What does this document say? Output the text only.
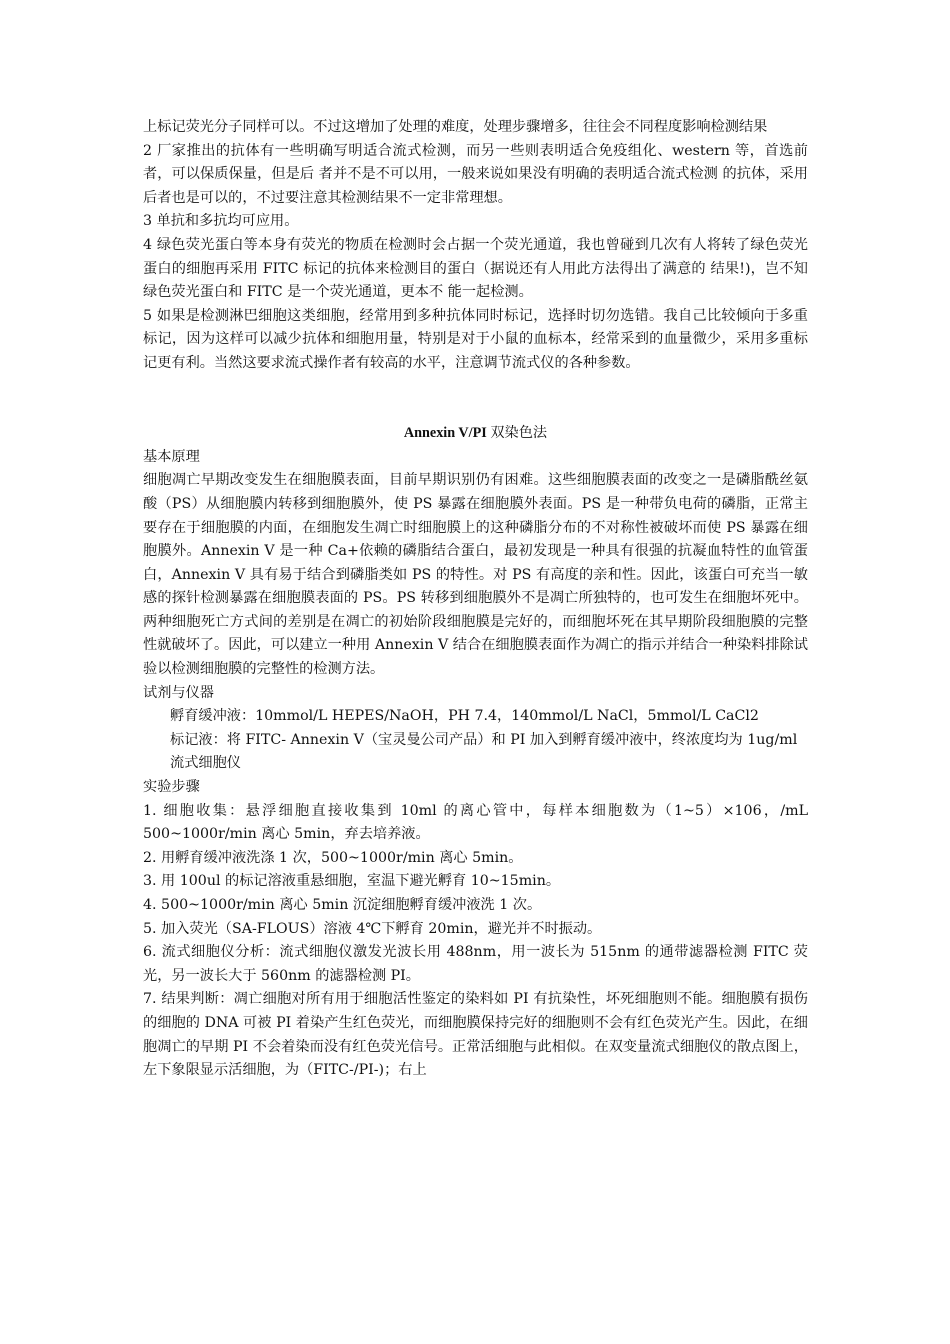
上标记荧光分子同样可以。不过这增加了处理的难度，处理步骤增多，往往会不同程度影响检测结果

2 厂家推出的抗体有一些明确写明适合流式检测，而另一些则表明适合免疫组化、western 等，首选前者，可以保质保量，但是后 者并不是不可以用，一般来说如果没有明确的表明适合流式检测 的抗体，采用后者也是可以的，不过要注意其检测结果不一定非常理想。

3 单抗和多抗均可应用。

4 绿色荧光蛋白等本身有荧光的物质在检测时会占据一个荧光通道，我也曾碰到几次有人将转了绿色荧光蛋白的细胞再采用 FITC 标记的抗体来检测目的蛋白（据说还有人用此方法得出了满意的 结果!)，岂不知绿色荧光蛋白和 FITC 是一个荧光通道，更本不 能一起检测。

5 如果是检测淋巴细胞这类细胞，经常用到多种抗体同时标记，选择时切勿选错。我自己比较倾向于多重标记，因为这样可以减少抗体和细胞用量，特别是对于小鼠的血标本，经常采到的血量微少，采用多重标记更有利。当然这要求流式操作者有较高的水平，注意调节流式仪的各种参数。

Annexin V/PI 双染色法

基本原理

细胞凋亡早期改变发生在细胞膜表面，目前早期识别仍有困难。这些细胞膜表面的改变之一是磷脂酰丝氨酸（PS）从细胞膜内转移到细胞膜外，使 PS 暴露在细胞膜外表面。PS 是一种带负电荷的磷脂，正常主要存在于细胞膜的内面，在细胞发生凋亡时细胞膜上的这种磷脂分布的不对称性被破坏而使 PS 暴露在细胞膜外。Annexin V 是一种 Ca+依赖的磷脂结合蛋白，最初发现是一种具有很强的抗凝血特性的血管蛋白，Annexin V 具有易于结合到磷脂类如 PS 的特性。对 PS 有高度的亲和性。因此，该蛋白可充当一敏感的探针检测暴露在细胞膜表面的 PS。PS 转移到细胞膜外不是凋亡所独特的，也可发生在细胞坏死中。两种细胞死亡方式间的差别是在凋亡的初始阶段细胞膜是完好的，而细胞坏死在其早期阶段细胞膜的完整性就破坏了。因此，可以建立一种用 Annexin V 结合在细胞膜表面作为凋亡的指示并结合一种染料排除试验以检测细胞膜的完整性的检测方法。

试剂与仪器

孵育缓冲液：10mmol/L HEPES/NaOH，PH 7.4，140mmol/L NaCl，5mmol/L CaCl2

标记液：将 FITC- Annexin V（宝灵曼公司产品）和 PI 加入到孵育缓冲液中，终浓度均为 1ug/ml

流式细胞仪

实验步骤

1. 细胞收集：悬浮细胞直接收集到 10ml 的离心管中，每样本细胞数为（1~5）×106，/mL 500~1000r/min 离心 5min，弃去培养液。

2. 用孵育缓冲液洗涤 1 次，500~1000r/min 离心 5min。

3. 用 100ul 的标记溶液重悬细胞，室温下避光孵育 10~15min。

4. 500~1000r/min 离心 5min 沉淀细胞孵育缓冲液洗 1 次。

5. 加入荧光（SA-FLOUS）溶液 4℃下孵育 20min，避光并不时振动。

6. 流式细胞仪分析：流式细胞仪激发光波长用 488nm，用一波长为 515nm 的通带滤器检测 FITC 荧光，另一波长大于 560nm 的滤器检测 PI。

7. 结果判断：凋亡细胞对所有用于细胞活性鉴定的染料如 PI 有抗染性，坏死细胞则不能。细胞膜有损伤的细胞的 DNA 可被 PI 着染产生红色荧光，而细胞膜保持完好的细胞则不会有红色荧光产生。因此，在细胞凋亡的早期 PI 不会着染而没有红色荧光信号。正常活细胞与此相似。在双变量流式细胞仪的散点图上，左下象限显示活细胞，为（FITC-/PI-)；右上
